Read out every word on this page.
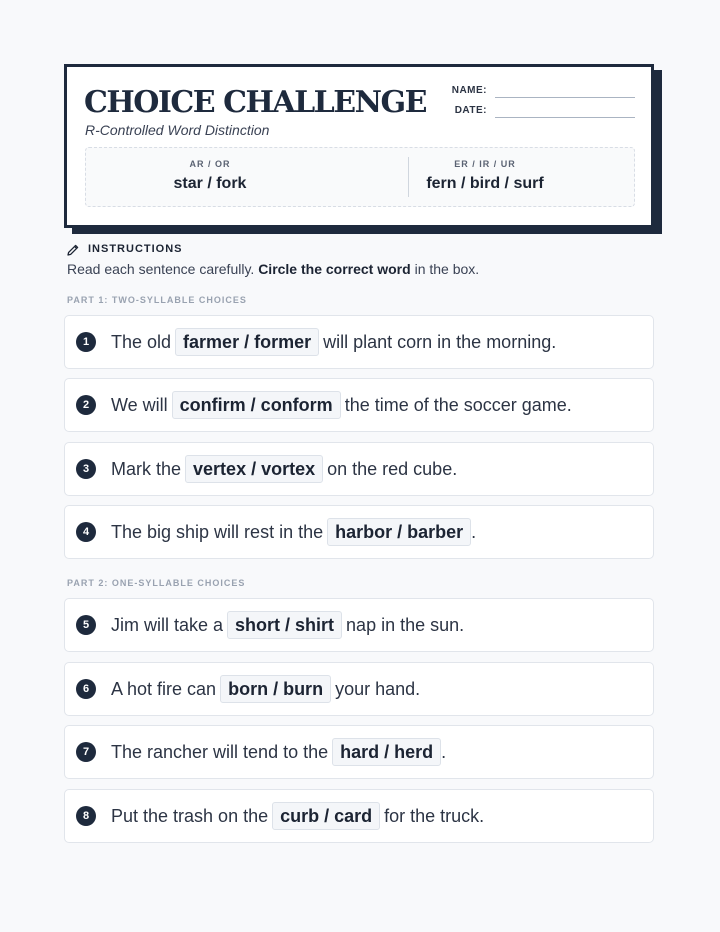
CHOICE CHALLENGE
R-Controlled Word Distinction
NAME:
DATE:
AR / OR
star / fork
ER / IR / UR
fern / bird / surf
INSTRUCTIONS
Read each sentence carefully. Circle the correct word in the box.
PART 1: TWO-SYLLABLE CHOICES
1	The old farmer / former will plant corn in the morning.
2	We will confirm / conform the time of the soccer game.
3	Mark the vertex / vortex on the red cube.
4	The big ship will rest in the harbor / barber .
PART 2: ONE-SYLLABLE CHOICES
5	Jim will take a short / shirt nap in the sun.
6	A hot fire can born / burn your hand.
7	The rancher will tend to the hard / herd .
8	Put the trash on the curb / card for the truck.
